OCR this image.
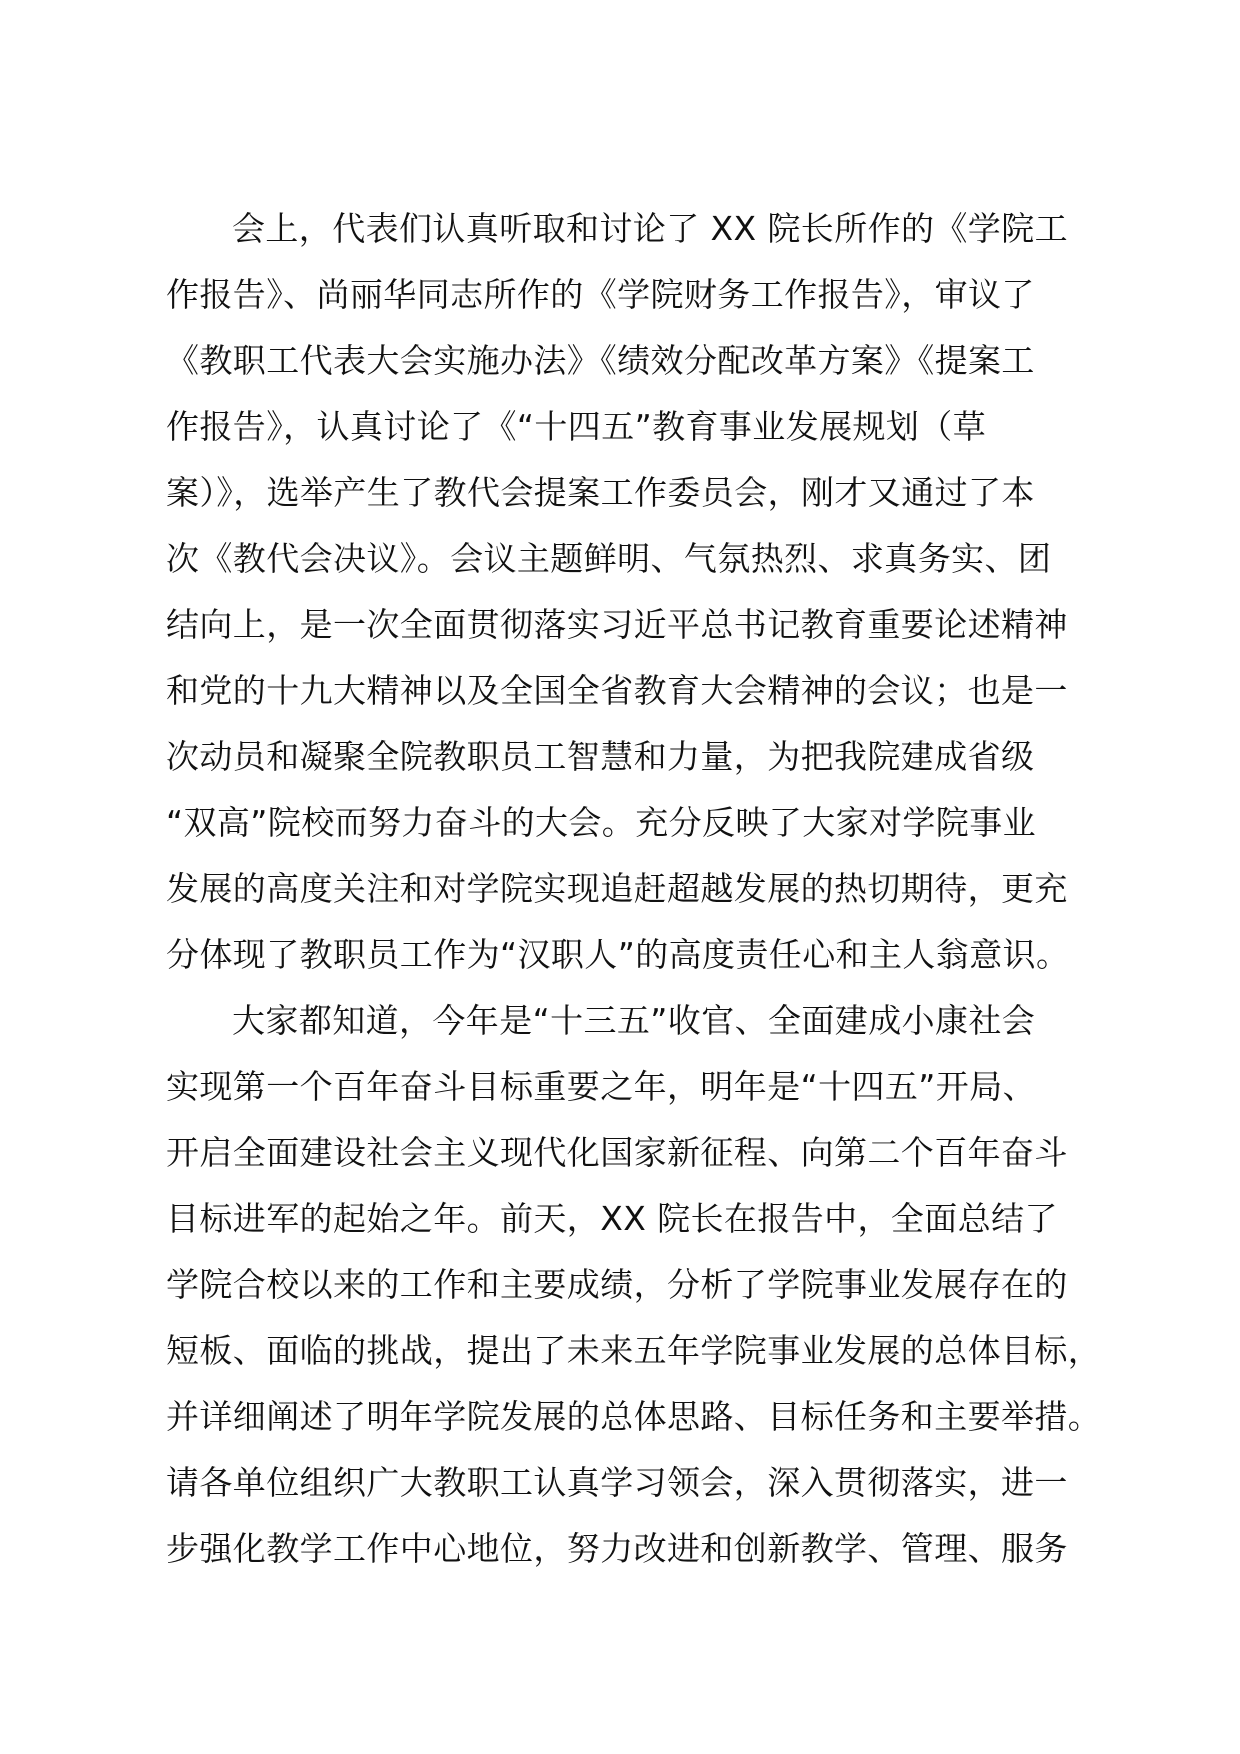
会上，代表们认真听取和讨论了 XX 院长所作的《学院工
作报告》、尚丽华同志所作的《学院财务工作报告》，审议了
《教职工代表大会实施办法》《绩效分配改革方案》《提案工
作报告》，认真讨论了《“十四五”教育事业发展规划（草
案）》，选举产生了教代会提案工作委员会，刚才又通过了本
次《教代会决议》。会议主题鲜明、气氛热烈、求真务实、团
结向上，是一次全面贯彻落实习近平总书记教育重要论述精神
和党的十九大精神以及全国全省教育大会精神的会议；也是一
次动员和凝聚全院教职员工智慧和力量，为把我院建成省级
“双高”院校而努力奋斗的大会。充分反映了大家对学院事业
发展的高度关注和对学院实现追赶超越发展的热切期待，更充
分体现了教职员工作为“汉职人”的高度责任心和主人翁意识。
大家都知道，今年是“十三五”收官、全面建成小康社会
实现第一个百年奋斗目标重要之年，明年是“十四五”开局、
开启全面建设社会主义现代化国家新征程、向第二个百年奋斗
目标进军的起始之年。前天，XX 院长在报告中，全面总结了
学院合校以来的工作和主要成绩，分析了学院事业发展存在的
短板、面临的挑战，提出了未来五年学院事业发展的总体目标，
并详细阐述了明年学院发展的总体思路、目标任务和主要举措。
请各单位组织广大教职工认真学习领会，深入贯彻落实，进一
步强化教学工作中心地位，努力改进和创新教学、管理、服务
